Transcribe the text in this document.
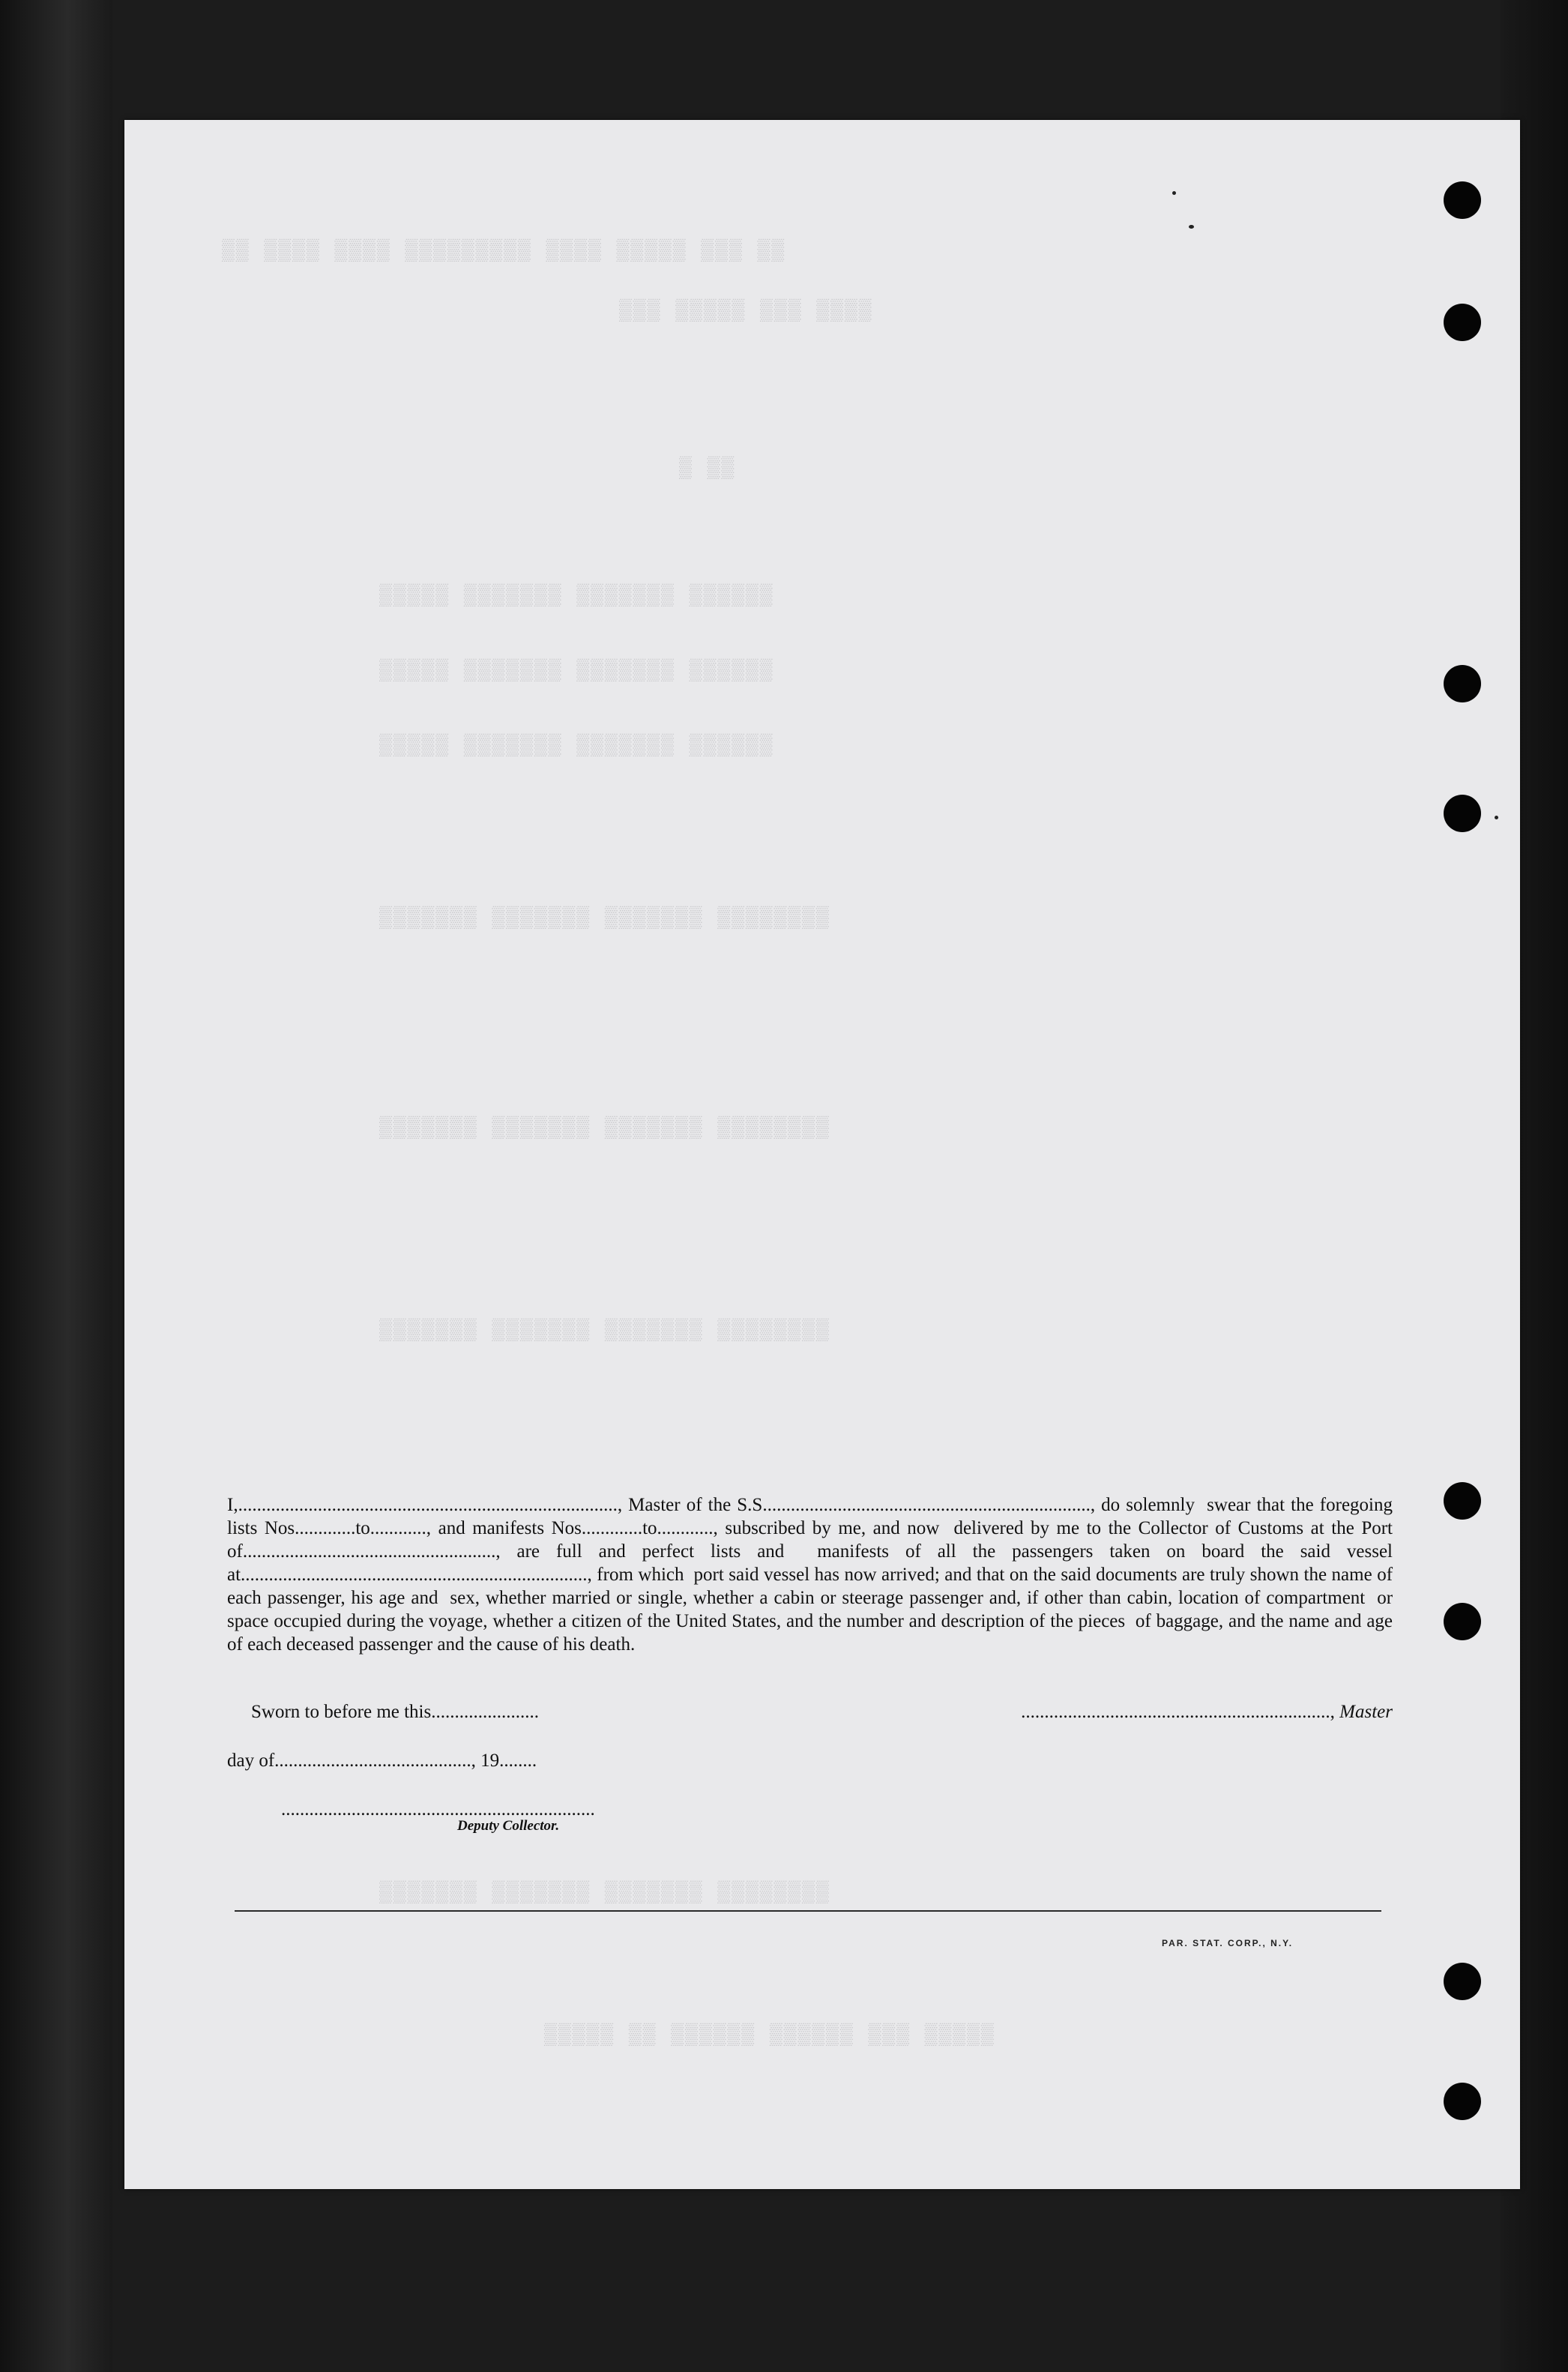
▒▒ ▒▒▒▒ ▒▒▒▒ ▒▒▒▒▒▒▒▒▒ ▒▒▒▒ ▒▒▒▒▒ ▒▒▒ ▒▒
▒▒▒ ▒▒▒▒▒ ▒▒▒ ▒▒▒▒
▒ ▒▒
▒▒▒▒▒ ▒▒▒▒▒▒▒ ▒▒▒▒▒▒▒ ▒▒▒▒▒▒
▒▒▒▒▒ ▒▒▒▒▒▒▒ ▒▒▒▒▒▒▒ ▒▒▒▒▒▒
▒▒▒▒▒ ▒▒▒▒▒▒▒ ▒▒▒▒▒▒▒ ▒▒▒▒▒▒
▒▒▒▒▒▒▒ ▒▒▒▒▒▒▒ ▒▒▒▒▒▒▒ ▒▒▒▒▒▒▒▒
▒▒▒▒▒▒▒ ▒▒▒▒▒▒▒ ▒▒▒▒▒▒▒ ▒▒▒▒▒▒▒▒
▒▒▒▒▒▒▒ ▒▒▒▒▒▒▒ ▒▒▒▒▒▒▒ ▒▒▒▒▒▒▒▒
▒▒▒▒▒▒▒ ▒▒▒▒▒▒▒ ▒▒▒▒▒▒▒ ▒▒▒▒▒▒▒▒
▒▒▒▒▒ ▒▒ ▒▒▒▒▒▒ ▒▒▒▒▒▒ ▒▒▒ ▒▒▒▒▒
I,................................................................................., Master of the S.S......................................................................, do solemnly  swear that the foregoing lists Nos.............to............, and manifests Nos.............to............, subscribed by me, and now  delivered by me to the Collector of Customs at the Port of......................................................, are full and perfect lists and  manifests of all the passengers taken on board the said vessel at.........................................................................., from which  port said vessel has now arrived; and that on the said documents are truly shown the name of each passenger, his age and  sex, whether married or single, whether a cabin or steerage passenger and, if other than cabin, location of compartment  or space occupied during the voyage, whether a citizen of the United States, and the number and description of the pieces  of baggage, and the name and age of each deceased passenger and the cause of his death.
Sworn to before me this.......................	.................................................................., Master
day of.........................................., 19........
...................................................................
Deputy Collector.
PAR. STAT. CORP., N.Y.
